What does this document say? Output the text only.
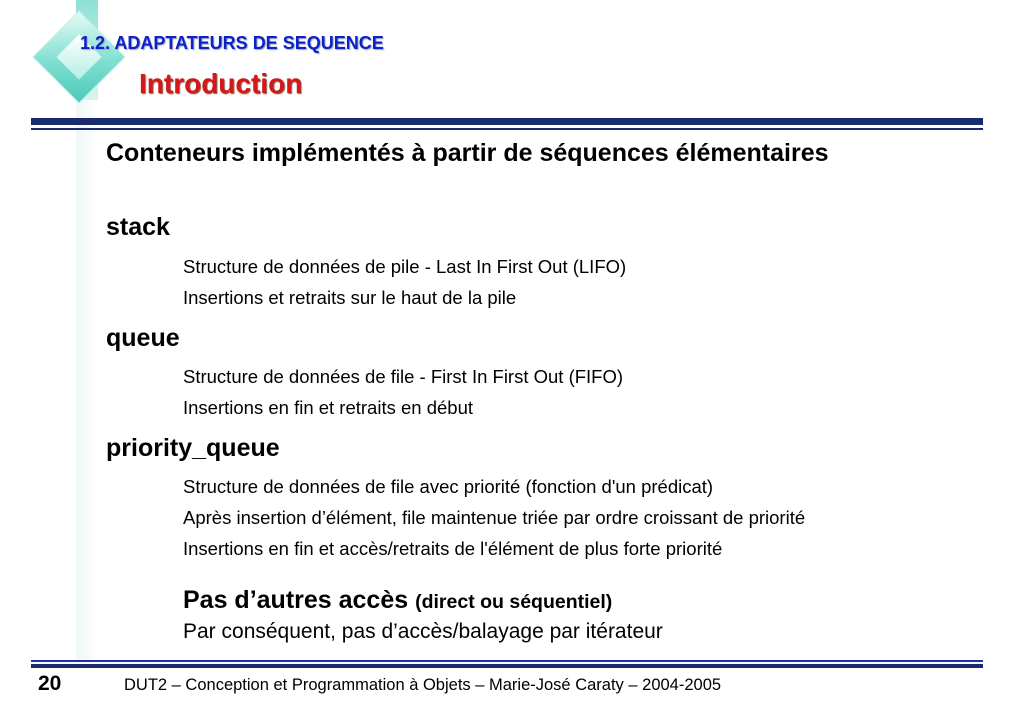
1.2. ADAPTATEURS DE SEQUENCE
Introduction
Conteneurs implémentés à partir de séquences élémentaires
stack
Structure de données de pile - Last In First Out (LIFO)
Insertions et retraits sur le haut de la pile
queue
Structure de données de file - First In First Out (FIFO)
Insertions en fin et retraits en début
priority_queue
Structure de données de file avec priorité (fonction d'un prédicat)
Après insertion d’élément, file maintenue triée par ordre croissant de priorité
Insertions en fin et accès/retraits de l'élément de plus forte priorité
Pas d’autres accès (direct ou séquentiel)
Par conséquent, pas d’accès/balayage par itérateur
20	DUT2 – Conception et Programmation à Objets – Marie-José Caraty – 2004-2005
